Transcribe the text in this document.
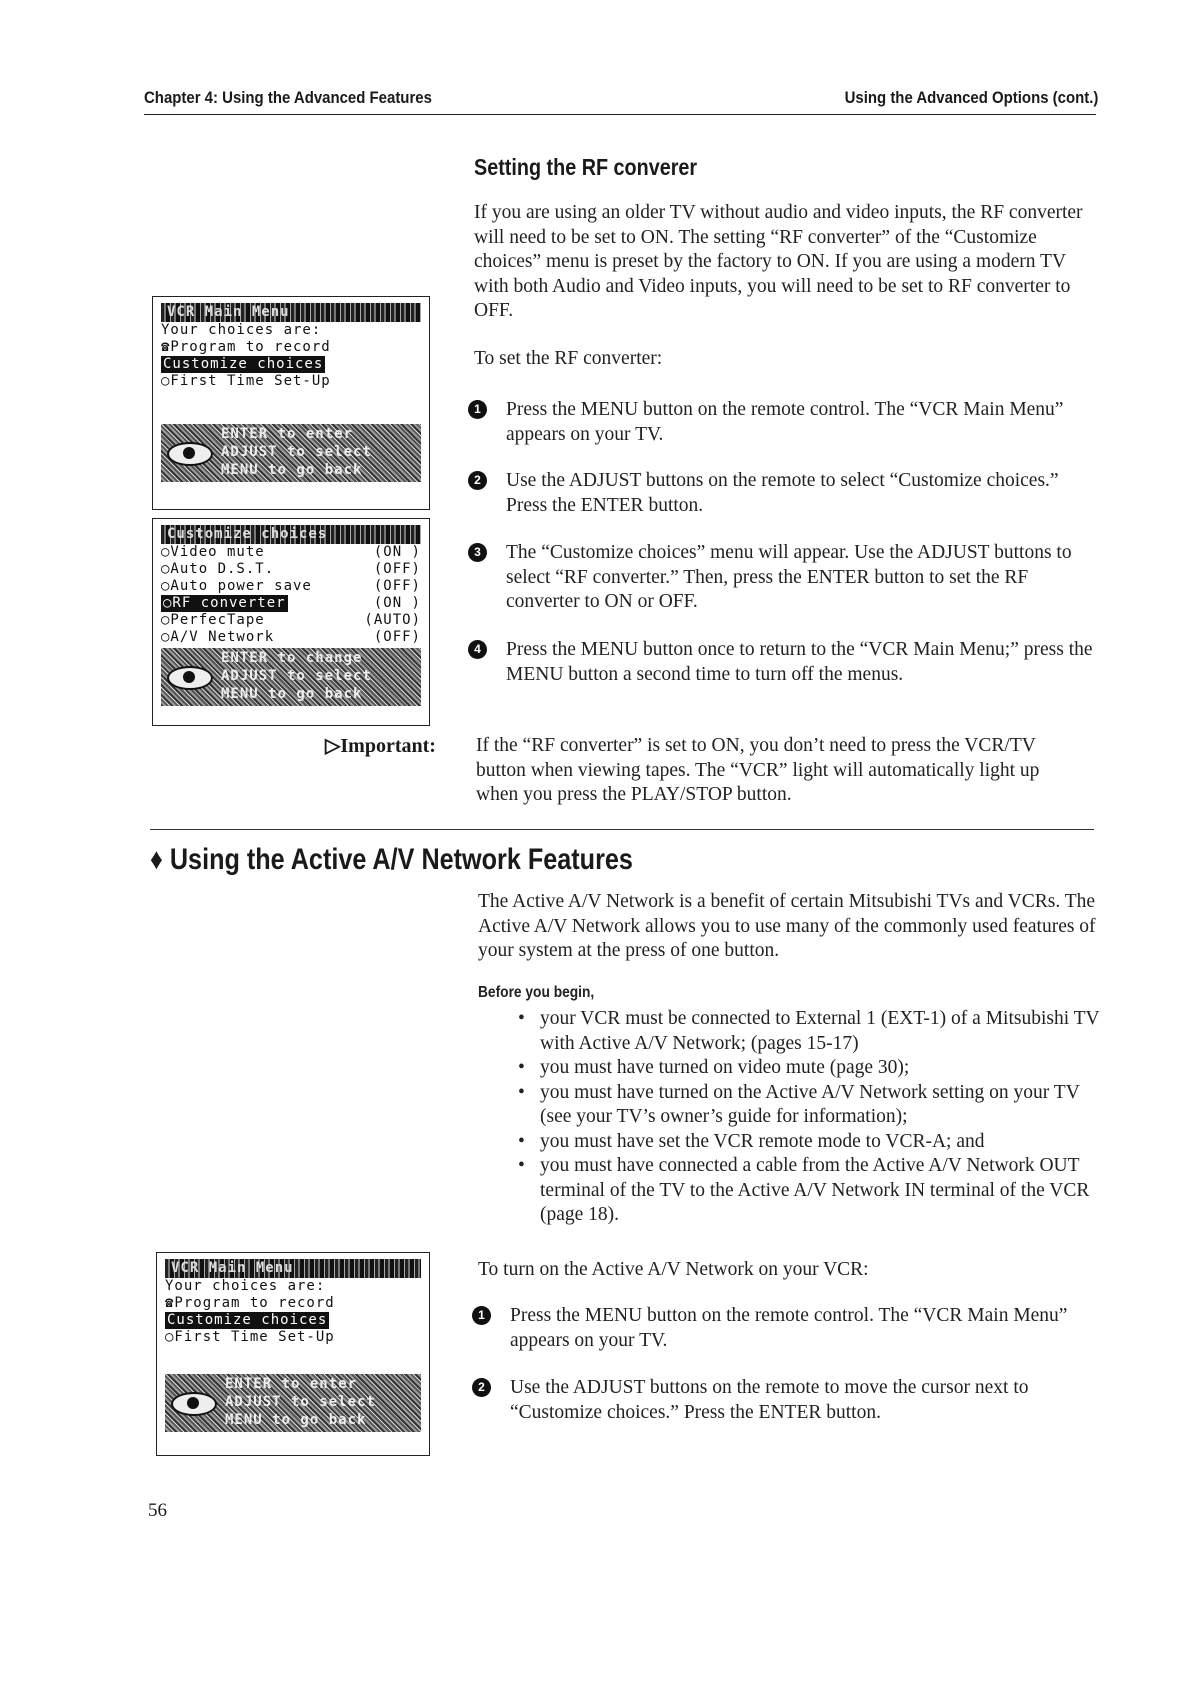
Chapter 4: Using the Advanced Features	Using the Advanced Options (cont.)
Setting the RF converer

If you are using an older TV without audio and video inputs, the RF converter will need to be set to ON. The setting “RF converter” of the “Customize choices” menu is preset by the factory to ON. If you are using a modern TV with both Audio and Video inputs, you will need to be set to RF converter to OFF.

To set the RF converter:

1	Press the MENU button on the remote control. The “VCR Main Menu” appears on your TV.
2	Use the ADJUST buttons on the remote to select “Customize choices.” Press the ENTER button.
3	The “Customize choices” menu will appear. Use the ADJUST buttons to select “RF converter.” Then, press the ENTER button to set the RF converter to ON or OFF.
4	Press the MENU button once to return to the “VCR Main Menu;” press the MENU button a second time to turn off the menus.
▷Important: If the “RF converter” is set to ON, you don’t need to press the VCR/TV button when viewing tapes. The “VCR” light will automatically light up when you press the PLAY/STOP button.
VCR Main Menu
Your choices are:
☎Program to record
Customize choices
○First Time Set-Up
ENTER to enter
ADJUST to select
MENU to go back
Customize choices
○Video mute	(ON )
○Auto D.S.T.	(OFF)
○Auto power save	(OFF)
○RF converter	(ON )
○PerfecTape	(AUTO)
○A/V Network	(OFF)
ENTER to change
ADJUST to select
MENU to go back
♦ Using the Active A/V Network Features

The Active A/V Network is a benefit of certain Mitsubishi TVs and VCRs. The Active A/V Network allows you to use many of the commonly used features of your system at the press of one button.

Before you begin,
• your VCR must be connected to External 1 (EXT-1) of a Mitsubishi TV with Active A/V Network; (pages 15-17)
• you must have turned on video mute (page 30);
• you must have turned on the Active A/V Network setting on your TV (see your TV’s owner’s guide for information);
• you must have set the VCR remote mode to VCR-A; and
• you must have connected a cable from the Active A/V Network OUT terminal of the TV to the Active A/V Network IN terminal of the VCR (page 18).
To turn on the Active A/V Network on your VCR:
1	Press the MENU button on the remote control. The “VCR Main Menu” appears on your TV.
2	Use the ADJUST buttons on the remote to move the cursor next to “Customize choices.” Press the ENTER button.
VCR Main Menu
Your choices are:
☎Program to record
Customize choices
○First Time Set-Up
ENTER to enter
ADJUST to select
MENU to go back
56
